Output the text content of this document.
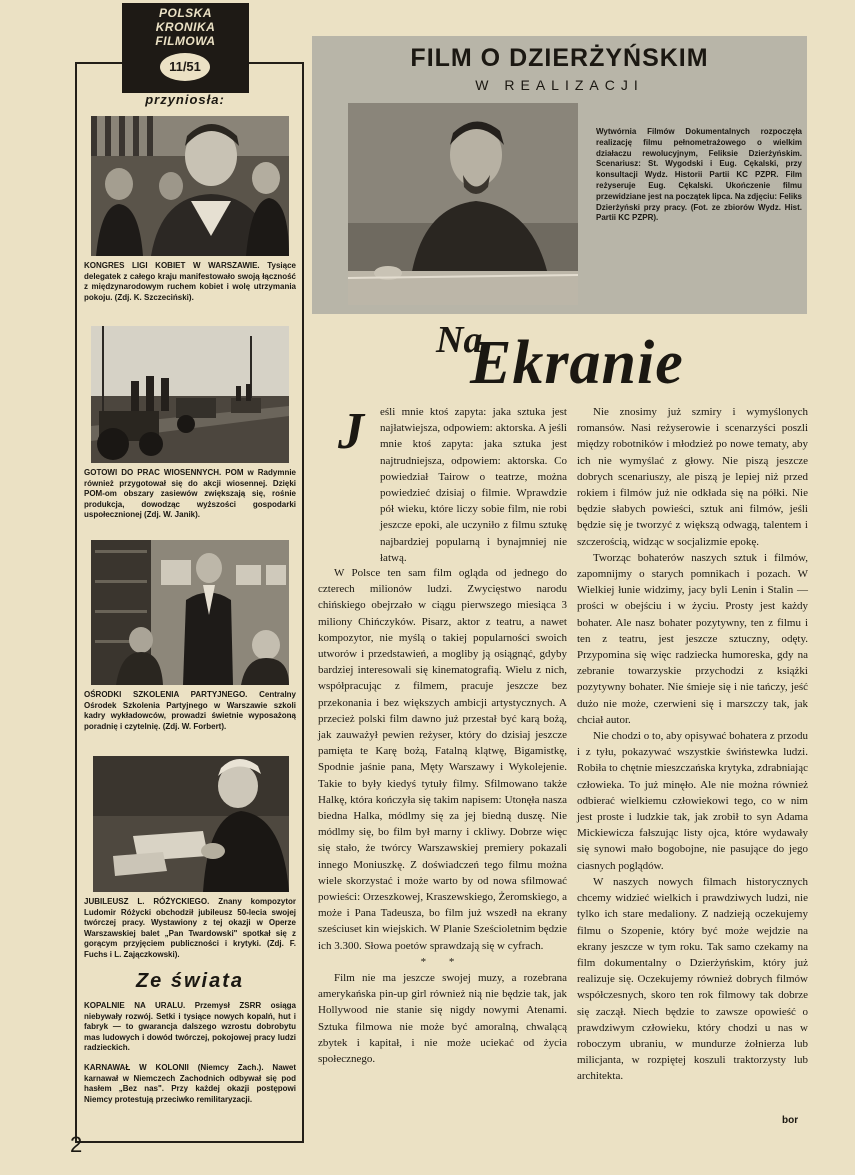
POLSKA
KRONIKA
FILMOWA
11/51
przyniosła:
KONGRES LIGI KOBIET W WARSZAWIE. Tysiące delegatek z całego kraju manifestowało swoją łączność z międzynarodowym ruchem kobiet i wolę utrzymania pokoju. (Zdj. K. Szczeciński).
GOTOWI DO PRAC WIOSENNYCH. POM w Radymnie również przygotował się do akcji wiosennej. Dzięki POM-om obszary zasiewów zwiększają się, rośnie produkcja, dowodząc wyższości gospodarki uspołecznionej (Zdj. W. Janik).
OŚRODKI SZKOLENIA PARTYJNEGO. Centralny Ośrodek Szkolenia Partyjnego w Warszawie szkoli kadry wykładowców, prowadzi świetnie wyposażoną poradnię i czytelnię. (Zdj. W. Forbert).
JUBILEUSZ L. RÓŻYCKIEGO. Znany kompozytor Ludomir Różycki obchodził jubileusz 50-lecia swojej twórczej pracy. Wystawiony z tej okazji w Operze Warszawskiej balet „Pan Twardowski" spotkał się z gorącym przyjęciem publiczności i krytyki. (Zdj. F. Fuchs i L. Zajączkowski).
Ze świata
KOPALNIE NA URALU. Przemysł ZSRR osiąga niebywały rozwój. Setki i tysiące nowych kopalń, hut i fabryk — to gwarancja dalszego wzrostu dobrobytu mas ludowych i dowód twórczej, pokojowej pracy ludzi radzieckich.
KARNAWAŁ W KOLONII (Niemcy Zach.). Nawet karnawał w Niemczech Zachodnich odbywał się pod hasłem „Bez nas". Przy każdej okazji postępowi Niemcy protestują przeciwko remilitaryzacji.
2
FILM O DZIERŻYŃSKIM
W REALIZACJI
Wytwórnia Filmów Dokumentalnych rozpoczęła realizację filmu pełnometrażowego o wielkim działaczu rewolucyjnym, Feliksie Dzierżyńskim. Scenariusz: St. Wygodski i Eug. Cękalski, przy konsultacji Wydz. Historii Partii KC PZPR. Film reżyseruje Eug. Cękalski. Ukończenie filmu przewidziane jest na początek lipca. Na zdjęciu: Feliks Dzierżyński przy pracy. (Fot. ze zbiorów Wydz. Hist. Partii KC PZPR).
Na
Ekranie
J eśli mnie ktoś zapyta: jaka sztuka jest najłatwiejsza, odpowiem: aktorska. A jeśli mnie ktoś zapyta: jaka sztuka jest najtrudniejsza, odpowiem: aktorska. Co powiedział Tairow o teatrze, można powiedzieć dzisiaj o filmie. Wprawdzie pół wieku, które liczy sobie film, nie robi jeszcze epoki, ale uczyniło z filmu sztukę najbardziej popularną i bynajmniej nie łatwą.

W Polsce ten sam film ogląda od jednego do czterech milionów ludzi. Zwycięstwo narodu chińskiego obejrzało w ciągu pierwszego miesiąca 3 miliony Chińczyków. Pisarz, aktor z teatru, a nawet kompozytor, nie myślą o takiej popularności swoich utworów i przedstawień, a mogliby ją osiągnąć, gdyby bardziej interesowali się kinematografią. Wielu z nich, współpracując z filmem, pracuje jeszcze bez przekonania i bez większych ambicji artystycznych. A przecież polski film dawno już przestał być karą bożą, jak zauważył pewien reżyser, który do dzisiaj jeszcze pamięta te Karę bożą, Fatalną klątwę, Bigamistkę, Spodnie jaśnie pana, Męty Warszawy i Wykolejenie. Takie to były kiedyś tytuły filmy. Sfilmowano także Halkę, która kończyła się takim napisem: Utonęła nasza biedna Halka, módlmy się za jej biedną duszę. Nie módlmy się, bo film był marny i ckliwy. Dobrze więc się stało, że twórcy Warszawskiej premiery pokazali innego Moniuszkę. Z doświadczeń tego filmu można wiele skorzystać i może warto by od nowa sfilmować powieści: Orzeszkowej, Kraszewskiego, Żeromskiego, a może i Pana Tadeusza, bo film już wszedł na ekrany sześciuset kin wiejskich. W Planie Sześcioletnim będzie ich 3.300. Słowa poetów sprawdzają się w cyfrach.

* *

Film nie ma jeszcze swojej muzy, a rozebrana amerykańska pin-up girl również nią nie będzie tak, jak Hollywood nie stanie się nigdy nowymi Atenami. Sztuka filmowa nie może być amoralną, chwalącą zbytek i kapitał, i nie może uciekać od życia społecznego.

Nie znosimy już szmiry i wymyślonych romansów. Nasi reżyserowie i scenarzyści poszli między robotników i młodzież po nowe tematy, aby ich nie wymyślać z głowy. Nie piszą jeszcze dobrych scenariuszy, ale piszą je lepiej niż przed rokiem i filmów już nie odkłada się na półki. Nie będzie słabych powieści, sztuk ani filmów, jeśli będzie się je tworzyć z większą odwagą, talentem i szczerością, widząc w socjalizmie epokę.

Tworząc bohaterów naszych sztuk i filmów, zapomnijmy o starych pomnikach i pozach. W Wielkiej łunie widzimy, jacy byli Lenin i Stalin — prości w obejściu i w życiu. Prosty jest każdy bohater. Ale nasz bohater pozytywny, ten z filmu i ten z teatru, jest jeszcze sztuczny, odęty. Przypomina się więc radziecka humoreska, gdy na zebranie towarzyskie przychodzi z książki pozytywny bohater. Nie śmieje się i nie tańczy, jeść dużo nie może, czerwieni się i marszczy tak, jak chciał autor.

Nie chodzi o to, aby opisywać bohatera z przodu i z tyłu, pokazywać wszystkie świństewka ludzi. Robiła to chętnie mieszczańska krytyka, zdrabniając człowieka. To już minęło. Ale nie można również odbierać wielkiemu człowiekowi tego, co w nim jest proste i ludzkie tak, jak zrobił to syn Adama Mickiewicza fałszując listy ojca, które wydawały się synowi mało bogobojne, nie pasujące do jego ciasnych poglądów.

W naszych nowych filmach historycznych chcemy widzieć wielkich i prawdziwych ludzi, nie tylko ich stare medaliony. Z nadzieją oczekujemy filmu o Szopenie, który być może wejdzie na ekrany jeszcze w tym roku. Tak samo czekamy na film dokumentalny o Dzierżyńskim, który już realizuje się. Oczekujemy również dobrych filmów współczesnych, skoro ten rok filmowy tak dobrze się zaczął. Niech będzie to zawsze opowieść o prawdziwym człowieku, który chodzi u nas w roboczym ubraniu, w mundurze żołnierza lub milicjanta, w rozpiętej koszuli traktorzysty lub architekta.

bor
